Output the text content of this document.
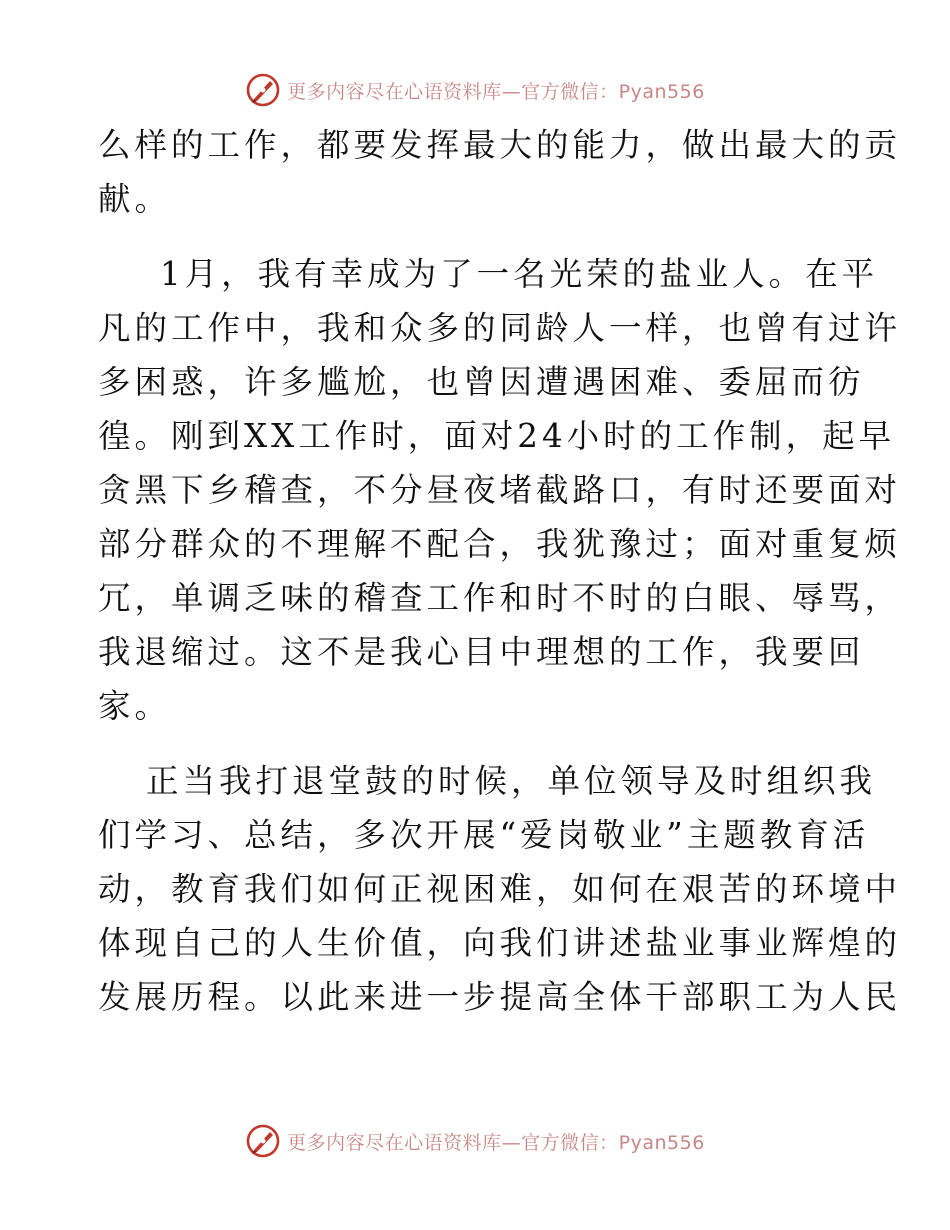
更多内容尽在心语资料库—官方微信：Pyan556
么样的工作，都要发挥最大的能力，做出最大的贡
献。
1月，我有幸成为了一名光荣的盐业人。在平
凡的工作中，我和众多的同龄人一样，也曾有过许
多困惑，许多尴尬，也曾因遭遇困难、委屈而彷
徨。刚到XX工作时，面对24小时的工作制，起早
贪黑下乡稽查，不分昼夜堵截路口，有时还要面对
部分群众的不理解不配合，我犹豫过；面对重复烦
冗，单调乏味的稽查工作和时不时的白眼、辱骂，
我退缩过。这不是我心目中理想的工作，我要回
家。
正当我打退堂鼓的时候，单位领导及时组织我
们学习、总结，多次开展“爱岗敬业”主题教育活
动，教育我们如何正视困难，如何在艰苦的环境中
体现自己的人生价值，向我们讲述盐业事业辉煌的
发展历程。以此来进一步提高全体干部职工为人民
更多内容尽在心语资料库—官方微信：Pyan556
